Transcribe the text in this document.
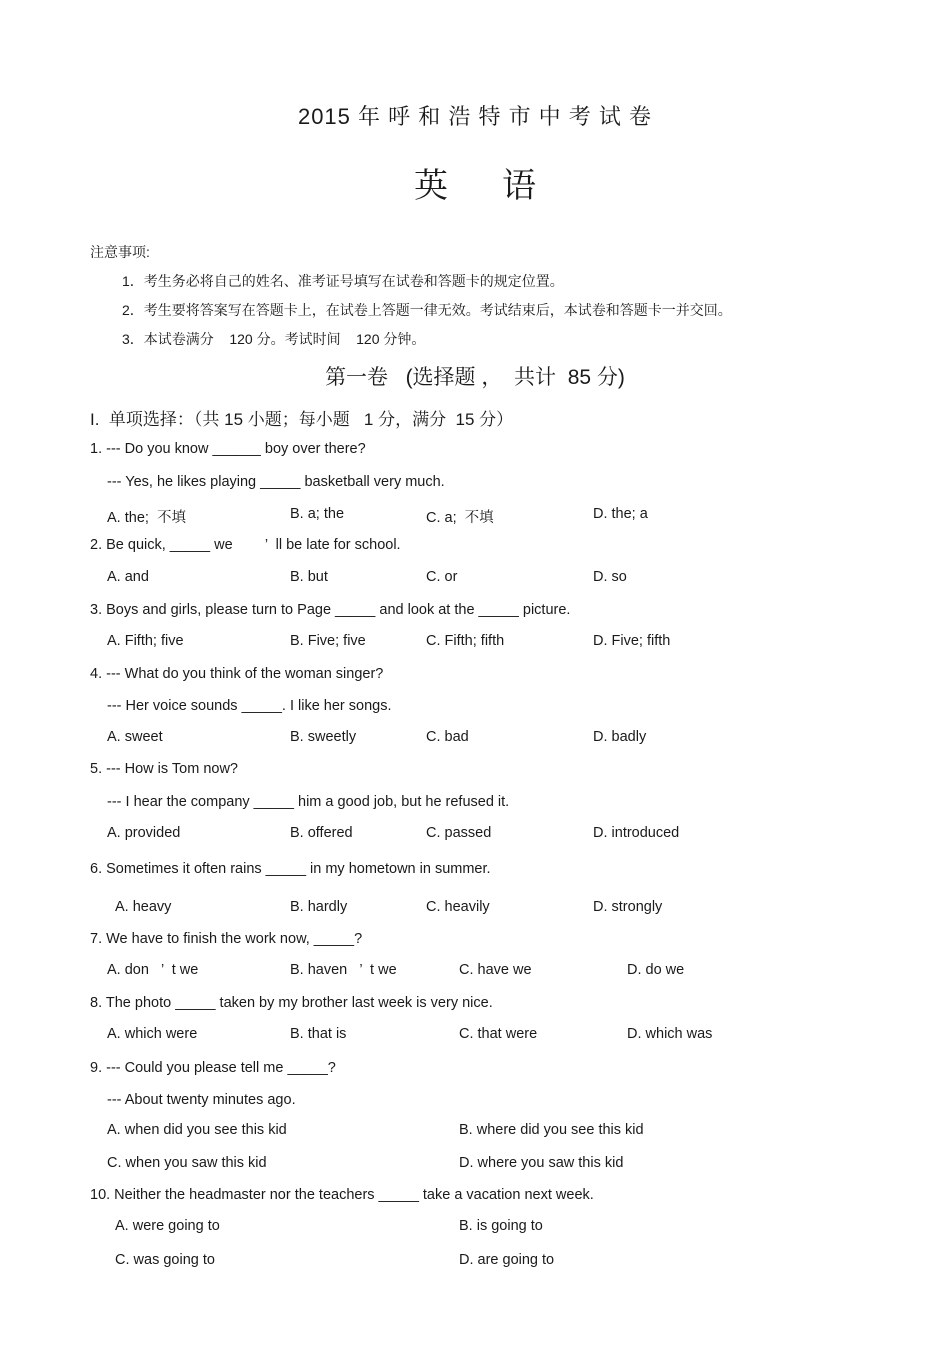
2015 年 呼 和 浩 特 市 中 考 试 卷
英     语
注意事项:
1．考生务必将自己的姓名、准考证号填写在试卷和答题卡的规定位置。
2．考生要将答案写在答题卡上，在试卷上答题一律无效。考试结束后，本试卷和答题卡一并交回。
3．本试卷满分    120 分。考试时间    120 分钟。
第一卷   (选择题 ，  共计  85 分)
I.  单项选择：（共 15 小题；每小题   1 分，满分  15 分）
1. --- Do you know ______ boy over there?
--- Yes, he likes playing _____ basketball very much.
A. the;  不填	B. a; the	C. a;  不填	D. the; a
2. Be quick, _____ we        ’  ll be late for school.
A. and	B. but	C. or	D. so
3. Boys and girls, please turn to Page _____ and look at the _____ picture.
A. Fifth; five	B. Five; five	C. Fifth; fifth	D. Five; fifth
4. --- What do you think of the woman singer?
--- Her voice sounds _____. I like her songs.
A. sweet	B. sweetly	C. bad	D. badly
5. --- How is Tom now?
--- I hear the company _____ him a good job, but he refused it.
A. provided	B. offered	C. passed	D. introduced
6. Sometimes it often rains _____ in my hometown in summer.
A. heavy	B. hardly	C. heavily	D. strongly
7. We have to finish the work now, _____?
A. don   ’  t we	B. haven   ’  t we	C. have we	D. do we
8. The photo _____ taken by my brother last week is very nice.
A. which were	B. that is	C. that were	D. which was
9. --- Could you please tell me _____?
--- About twenty minutes ago.
A. when did you see this kid	B. where did you see this kid
C. when you saw this kid	D. where you saw this kid
10. Neither the headmaster nor the teachers _____ take a vacation next week.
A. were going to	B. is going to
C. was going to	D. are going to
